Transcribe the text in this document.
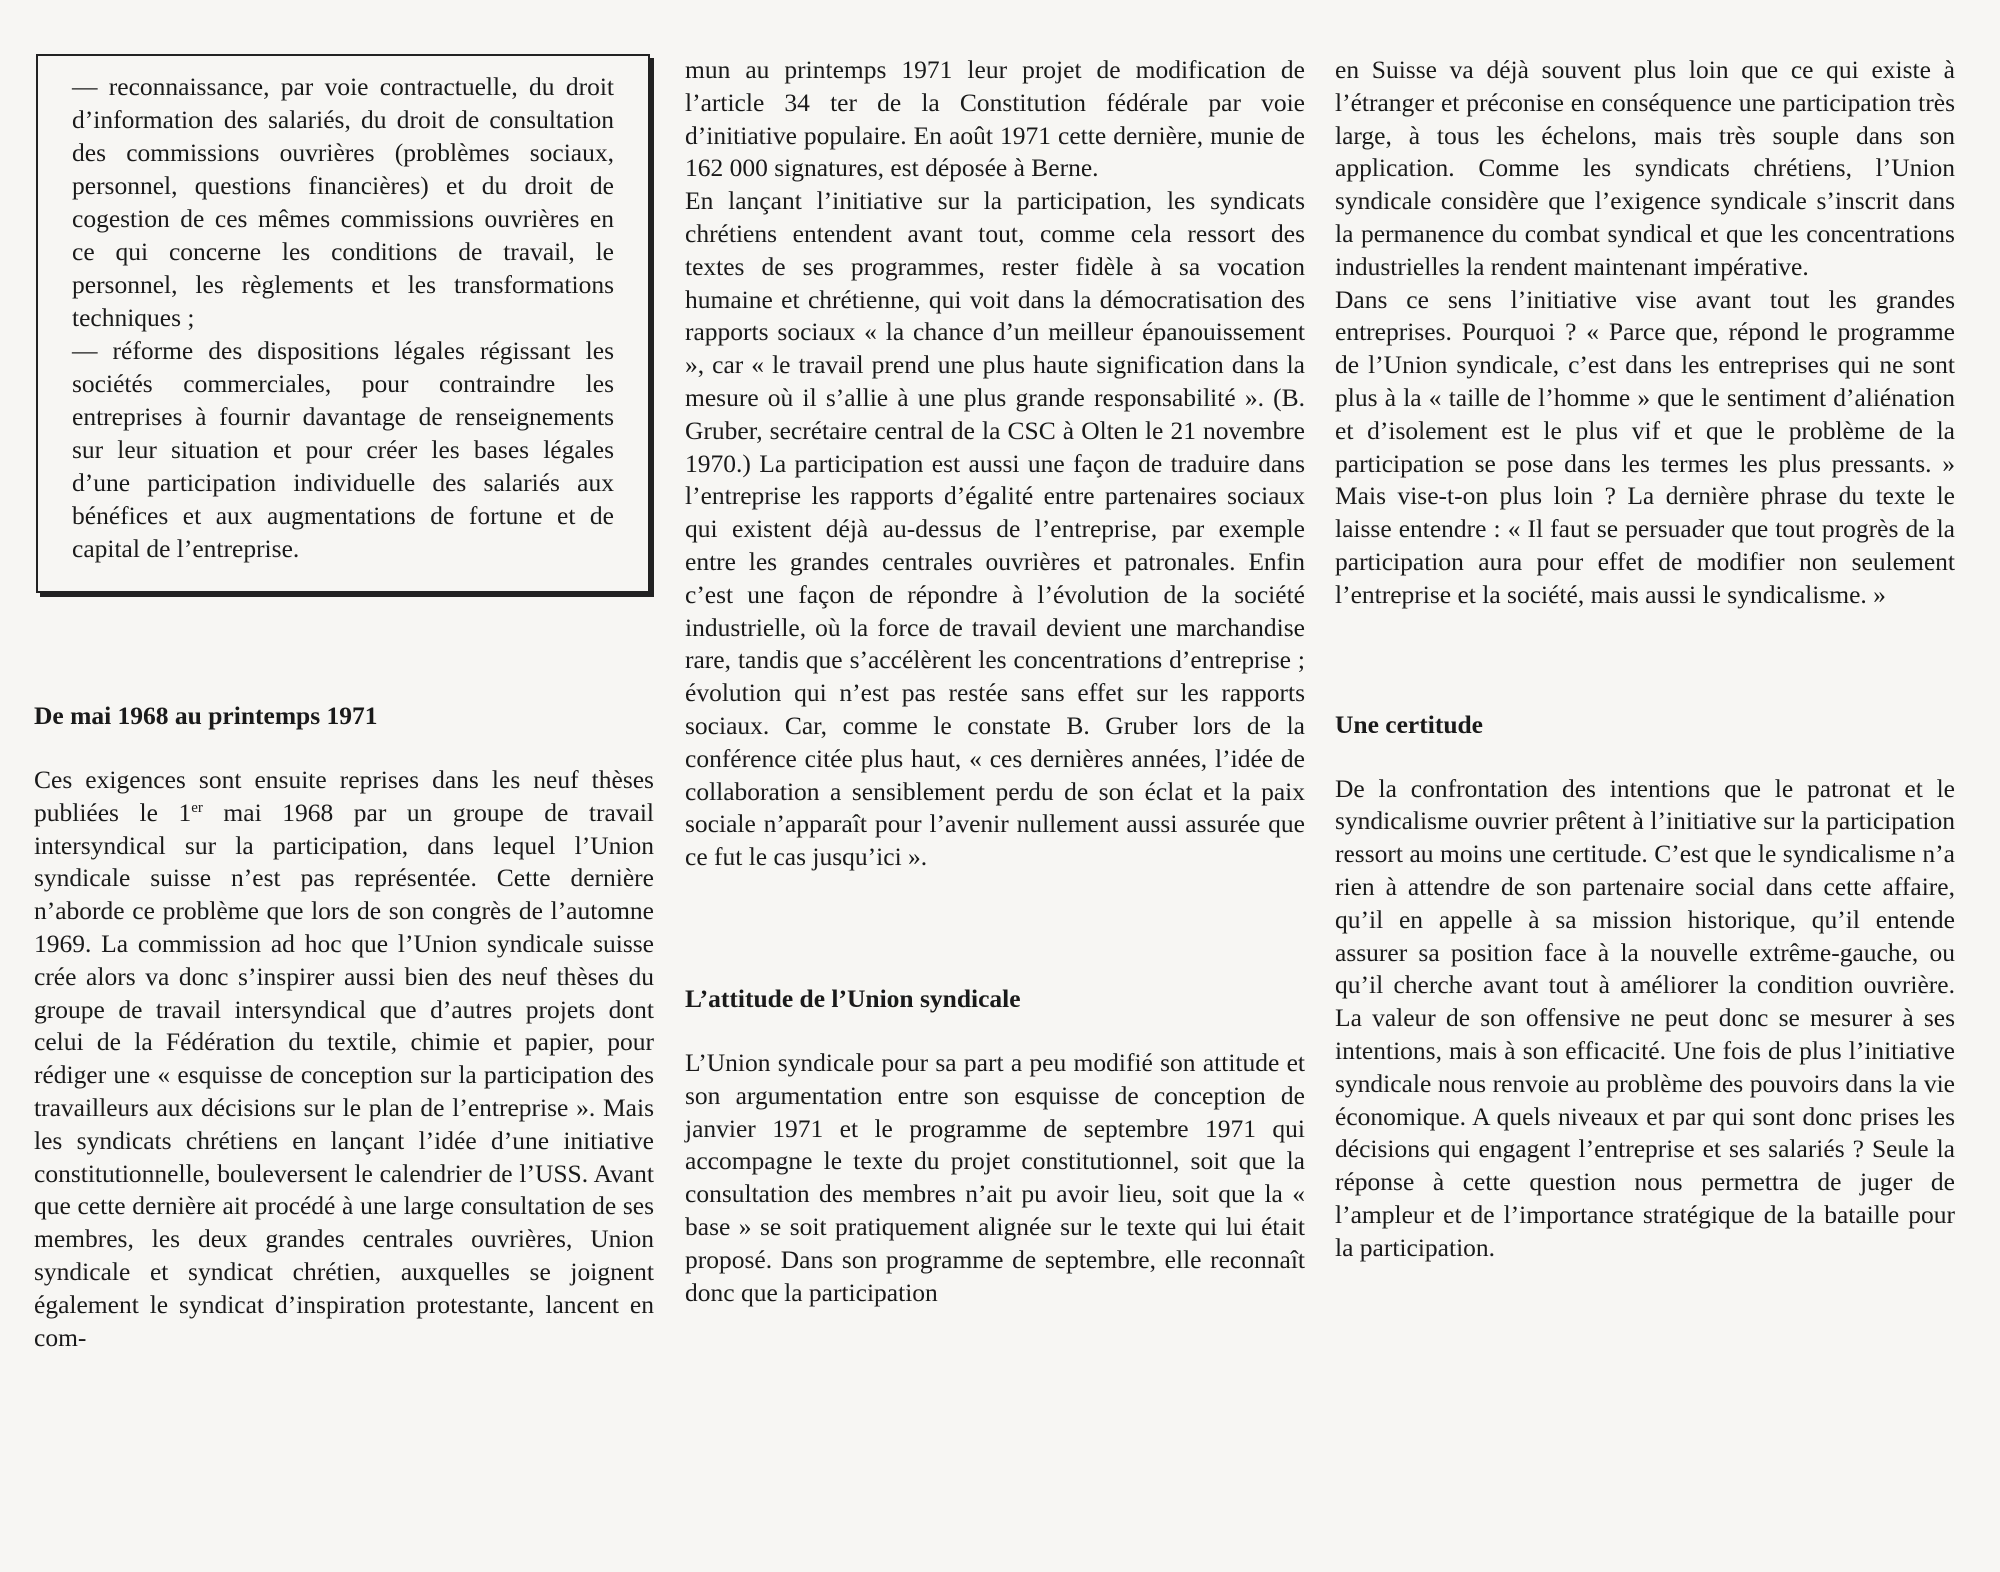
— reconnaissance, par voie contractuelle, du droit d’information des salariés, du droit de consultation des commissions ouvrières (problèmes sociaux, personnel, questions financières) et du droit de cogestion de ces mêmes commissions ouvrières en ce qui concerne les conditions de travail, le personnel, les règlements et les transformations techniques ;

— réforme des dispositions légales régissant les sociétés commerciales, pour contraindre les entreprises à fournir davantage de renseignements sur leur situation et pour créer les bases légales d’une participation individuelle des salariés aux bénéfices et aux augmentations de fortune et de capital de l’entreprise.

De mai 1968 au printemps 1971

Ces exigences sont ensuite reprises dans les neuf thèses publiées le 1er mai 1968 par un groupe de travail intersyndical sur la participation, dans lequel l’Union syndicale suisse n’est pas représentée. Cette dernière n’aborde ce problème que lors de son congrès de l’automne 1969. La commission ad hoc que l’Union syndicale suisse crée alors va donc s’inspirer aussi bien des neuf thèses du groupe de travail intersyndical que d’autres projets dont celui de la Fédération du textile, chimie et papier, pour rédiger une « esquisse de conception sur la participation des travailleurs aux décisions sur le plan de l’entreprise ». Mais les syndicats chrétiens en lançant l’idée d’une initiative constitutionnelle, bouleversent le calendrier de l’USS. Avant que cette dernière ait procédé à une large consultation de ses membres, les deux grandes centrales ouvrières, Union syndicale et syndicat chrétien, auxquelles se joignent également le syndicat d’inspiration protestante, lancent en com-

mun au printemps 1971 leur projet de modification de l’article 34 ter de la Constitution fédérale par voie d’initiative populaire. En août 1971 cette dernière, munie de 162 000 signatures, est déposée à Berne.

En lançant l’initiative sur la participation, les syndicats chrétiens entendent avant tout, comme cela ressort des textes de ses programmes, rester fidèle à sa vocation humaine et chrétienne, qui voit dans la démocratisation des rapports sociaux « la chance d’un meilleur épanouissement », car « le travail prend une plus haute signification dans la mesure où il s’allie à une plus grande responsabilité ». (B. Gruber, secrétaire central de la CSC à Olten le 21 novembre 1970.) La participation est aussi une façon de traduire dans l’entreprise les rapports d’égalité entre partenaires sociaux qui existent déjà au-dessus de l’entreprise, par exemple entre les grandes centrales ouvrières et patronales. Enfin c’est une façon de répondre à l’évolution de la société industrielle, où la force de travail devient une marchandise rare, tandis que s’accélèrent les concentrations d’entreprise ; évolution qui n’est pas restée sans effet sur les rapports sociaux. Car, comme le constate B. Gruber lors de la conférence citée plus haut, « ces dernières années, l’idée de collaboration a sensiblement perdu de son éclat et la paix sociale n’apparaît pour l’avenir nullement aussi assurée que ce fut le cas jusqu’ici ».

L’attitude de l’Union syndicale

L’Union syndicale pour sa part a peu modifié son attitude et son argumentation entre son esquisse de conception de janvier 1971 et le programme de septembre 1971 qui accompagne le texte du projet constitutionnel, soit que la consultation des membres n’ait pu avoir lieu, soit que la « base » se soit pratiquement alignée sur le texte qui lui était proposé. Dans son programme de septembre, elle reconnaît donc que la participation

en Suisse va déjà souvent plus loin que ce qui existe à l’étranger et préconise en conséquence une participation très large, à tous les échelons, mais très souple dans son application. Comme les syndicats chrétiens, l’Union syndicale considère que l’exigence syndicale s’inscrit dans la permanence du combat syndical et que les concentrations industrielles la rendent maintenant impérative.

Dans ce sens l’initiative vise avant tout les grandes entreprises. Pourquoi ? « Parce que, répond le programme de l’Union syndicale, c’est dans les entreprises qui ne sont plus à la « taille de l’homme » que le sentiment d’aliénation et d’isolement est le plus vif et que le problème de la participation se pose dans les termes les plus pressants. » Mais vise-t-on plus loin ? La dernière phrase du texte le laisse entendre : « Il faut se persuader que tout progrès de la participation aura pour effet de modifier non seulement l’entreprise et la société, mais aussi le syndicalisme. »

Une certitude

De la confrontation des intentions que le patronat et le syndicalisme ouvrier prêtent à l’initiative sur la participation ressort au moins une certitude. C’est que le syndicalisme n’a rien à attendre de son partenaire social dans cette affaire, qu’il en appelle à sa mission historique, qu’il entende assurer sa position face à la nouvelle extrême-gauche, ou qu’il cherche avant tout à améliorer la condition ouvrière. La valeur de son offensive ne peut donc se mesurer à ses intentions, mais à son efficacité. Une fois de plus l’initiative syndicale nous renvoie au problème des pouvoirs dans la vie économique. A quels niveaux et par qui sont donc prises les décisions qui engagent l’entreprise et ses salariés ? Seule la réponse à cette question nous permettra de juger de l’ampleur et de l’importance stratégique de la bataille pour la participation.
